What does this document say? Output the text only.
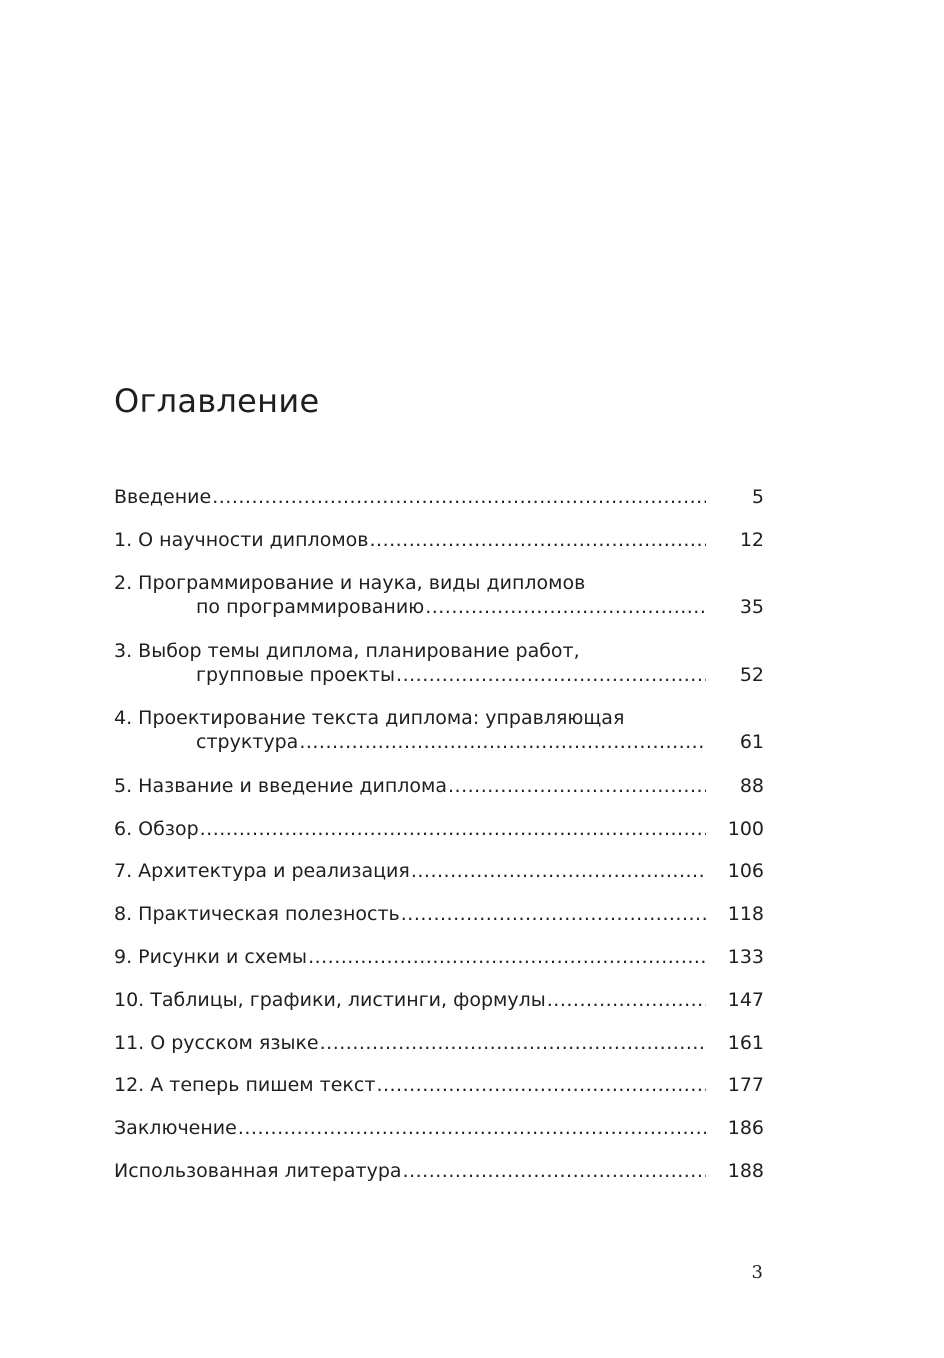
Оглавление
Введение .....	5
1. О научности дипломов .....	12
2. Программирование и наука, виды дипломов
по программированию .....	35
3. Выбор темы диплома, планирование работ,
групповые проекты .....	52
4. Проектирование текста диплома: управляющая
структура .....	61
5. Название и введение диплома .....	88
6. Обзор .....	100
7. Архитектура и реализация .....	106
8. Практическая полезность .....	118
9. Рисунки и схемы .....	133
10. Таблицы, графики, листинги, формулы .....	147
11. О русском языке .....	161
12. А теперь пишем текст .....	177
Заключение .....	186
Использованная литература .....	188
3
